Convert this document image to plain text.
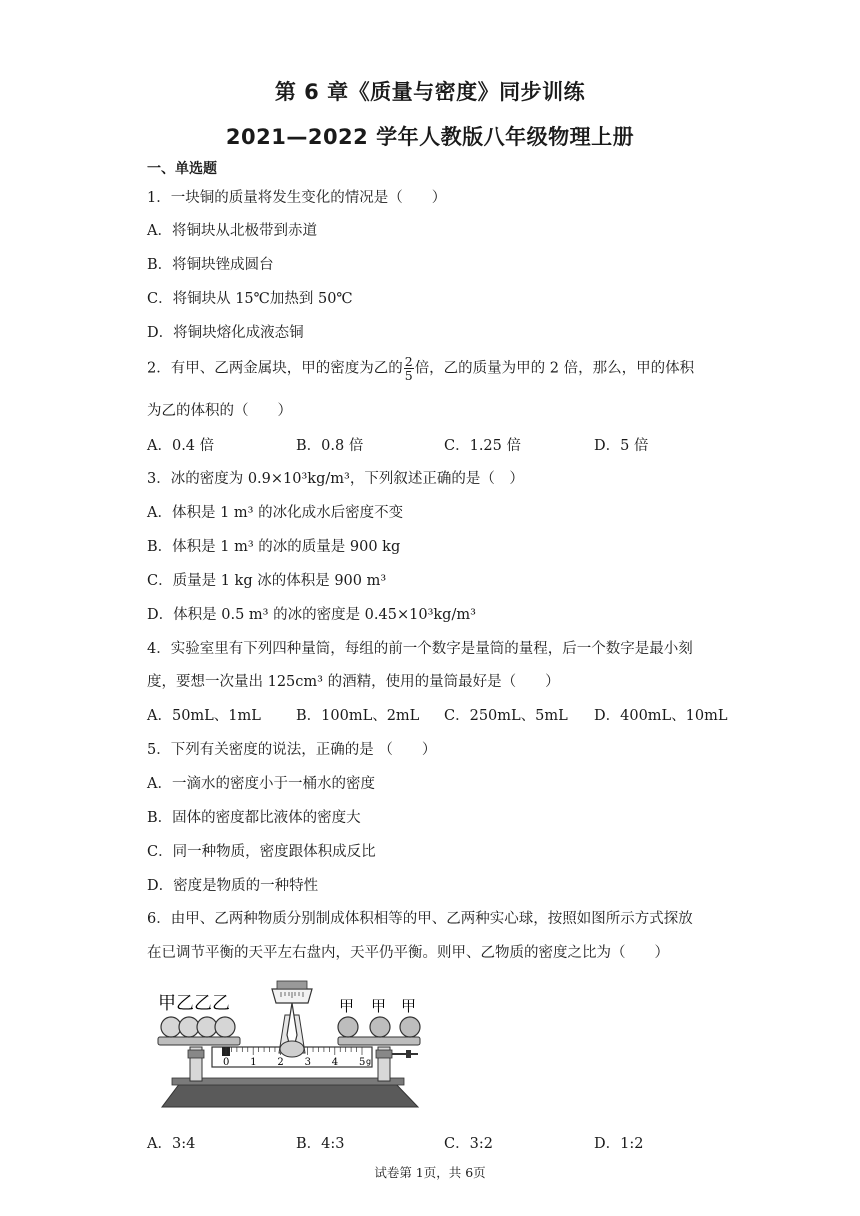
第 6 章《质量与密度》同步训练
2021—2022 学年人教版八年级物理上册
一、单选题
1．一块铜的质量将发生变化的情况是（　　）
A．将铜块从北极带到赤道
B．将铜块锉成圆台
C．将铜块从 15℃加热到 50℃
D．将铜块熔化成液态铜
2．有甲、乙两金属块，甲的密度为乙的 $\frac{2}{5}$ 倍，乙的质量为甲的 2 倍，那么，甲的体积
为乙的体积的（　　）
A．0.4 倍	B．0.8 倍	C．1.25 倍	D．5 倍
3．冰的密度为 0.9×10³kg/m³，下列叙述正确的是（　）
A．体积是 1 m³ 的冰化成水后密度不变
B．体积是 1 m³ 的冰的质量是 900 kg
C．质量是 1 kg 冰的体积是 900 m³
D．体积是 0.5 m³ 的冰的密度是 0.45×10³kg/m³
4．实验室里有下列四种量筒，每组的前一个数字是量筒的量程，后一个数字是最小刻
度，要想一次量出 125cm³ 的酒精，使用的量筒最好是（　　）
A．50mL、1mL B．100mL、2mL C．250mL、5mL D．400mL、10mL
5．下列有关密度的说法，正确的是 （　　）
A．一滴水的密度小于一桶水的密度
B．固体的密度都比液体的密度大
C．同一种物质，密度跟体积成反比
D．密度是物质的一种特性
6．由甲、乙两种物质分别制成体积相等的甲、乙两种实心球，按照如图所示方式探放
在已调节平衡的天平左右盘内，天平仍平衡。则甲、乙物质的密度之比为（　　）
0 1 2 3 4 5 g
甲乙乙乙	甲 甲 甲
A．3:4	B．4:3	C．3:2	D．1:2
试卷第 1页，共 6页
